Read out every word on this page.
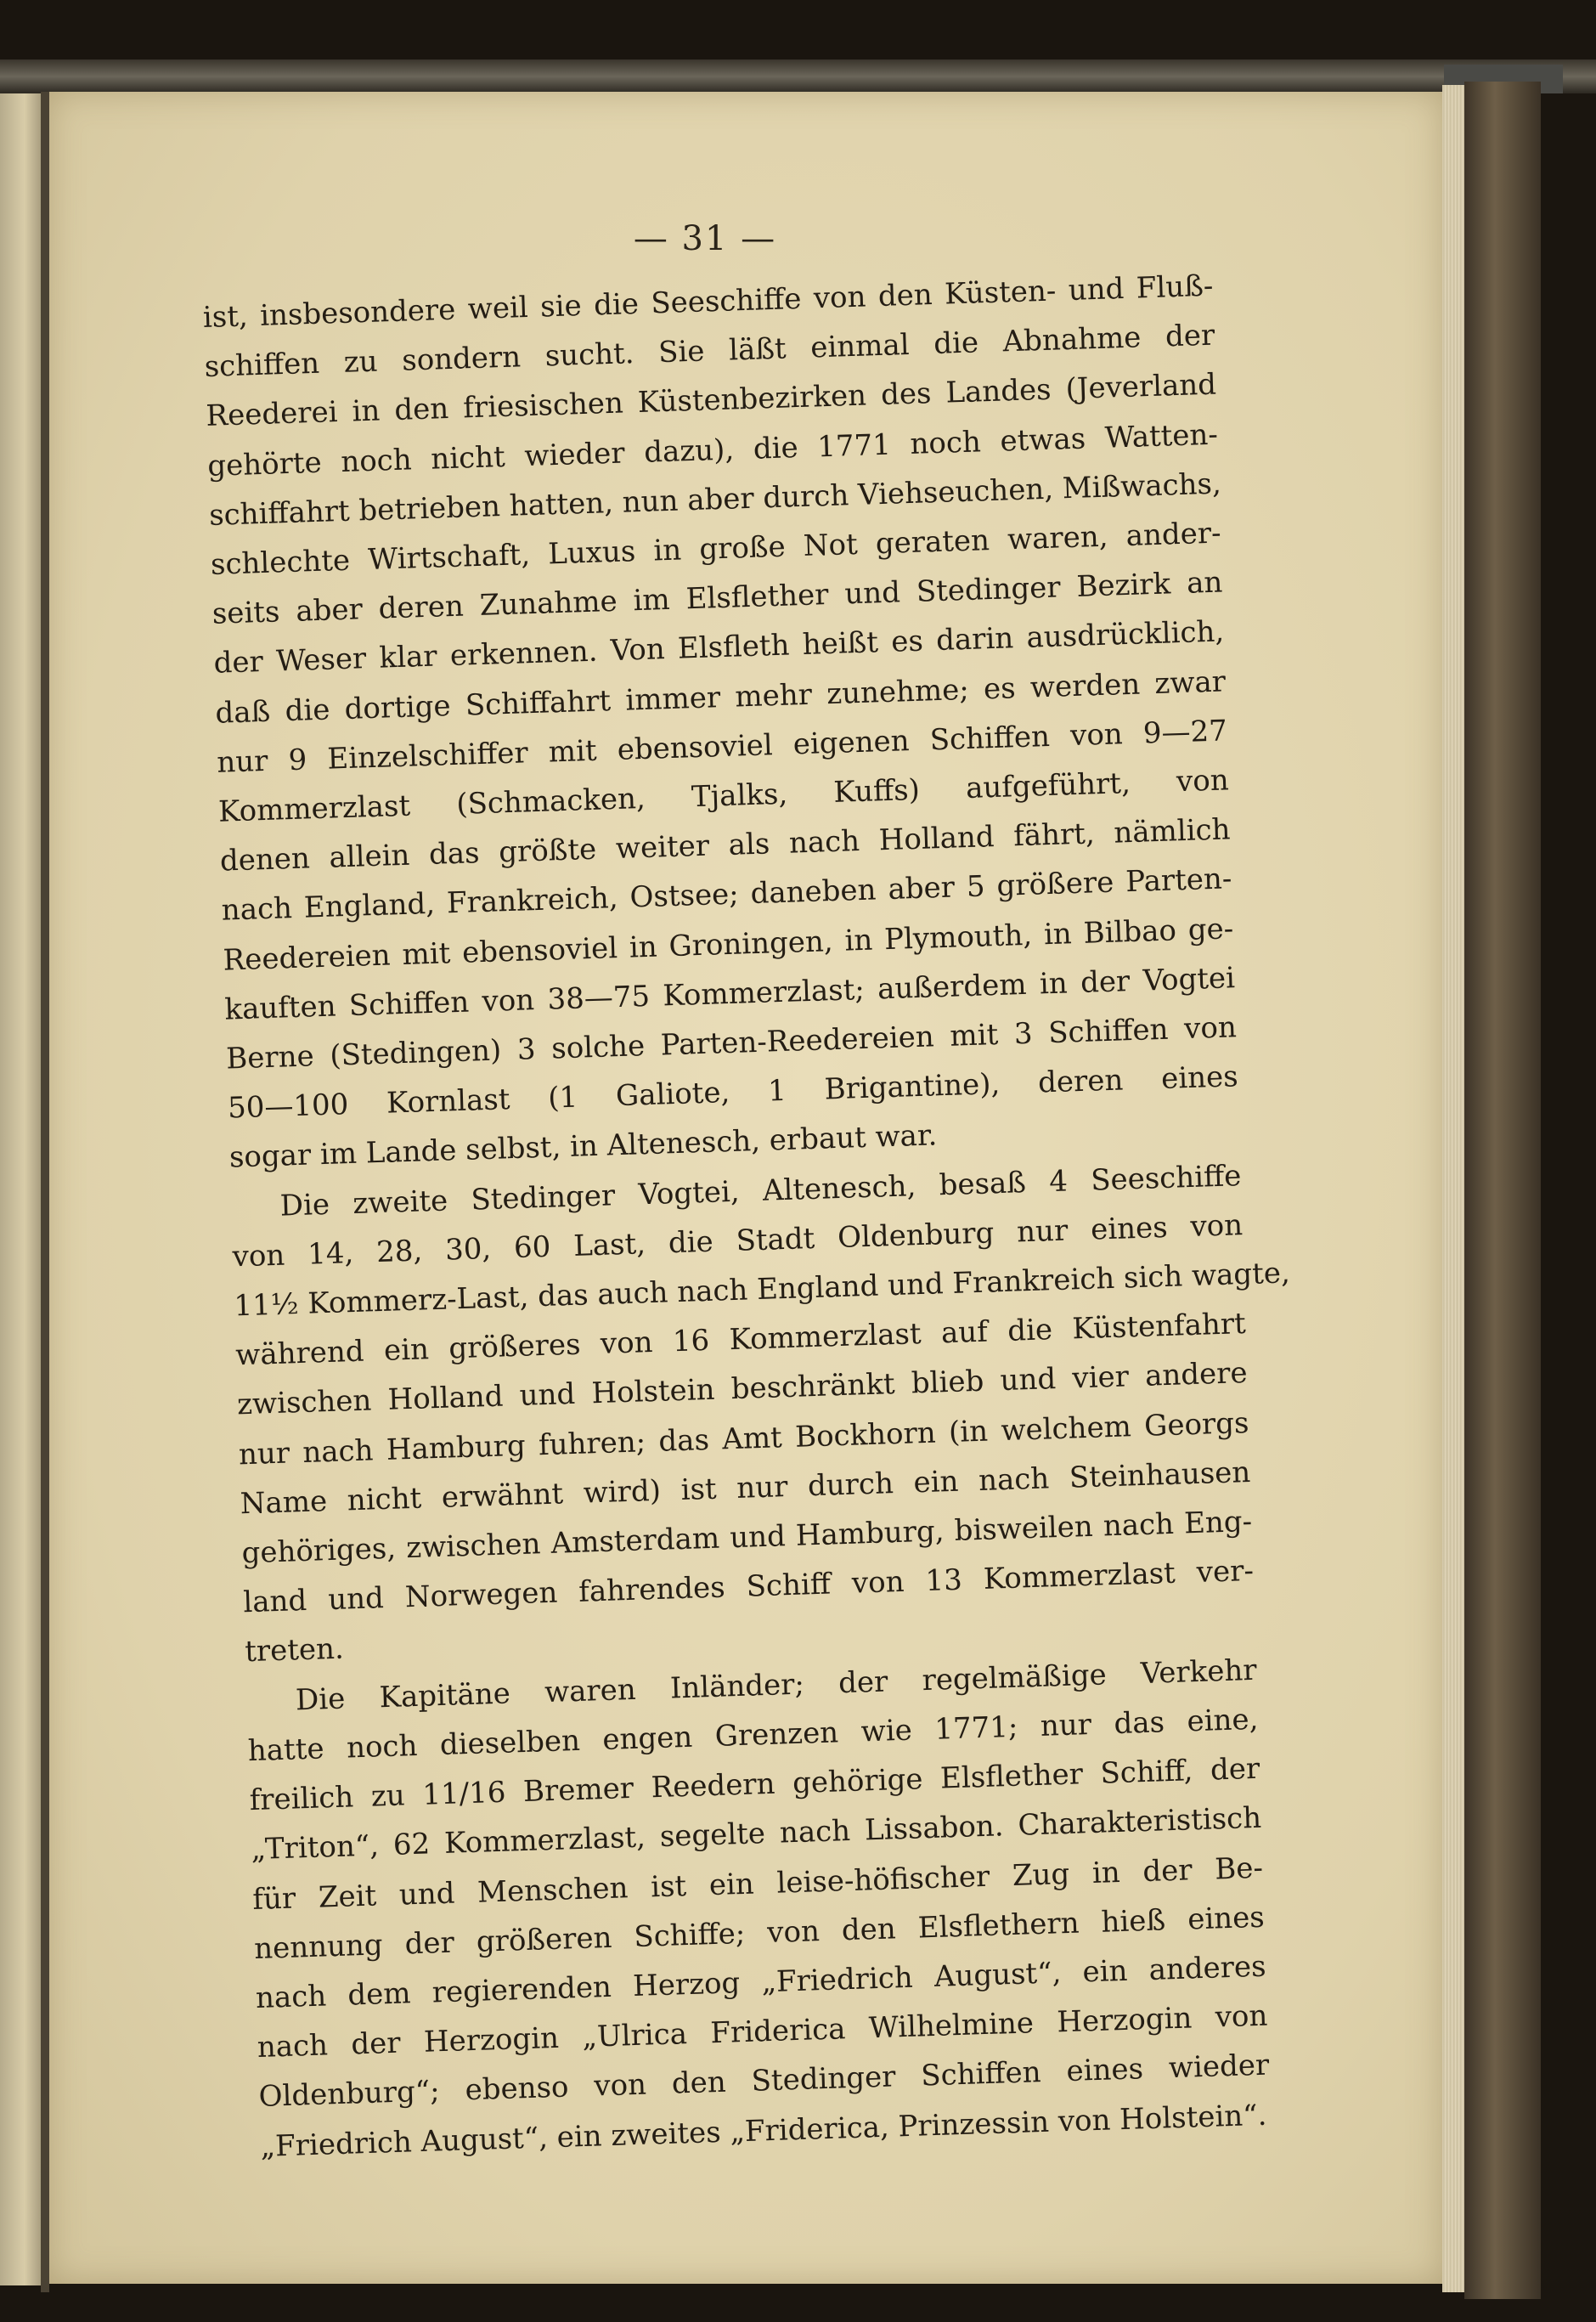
— 31 —
ist, insbesondere weil sie die Seeschiffe von den Küsten- und Fluß-
schiffen zu sondern sucht. Sie läßt einmal die Abnahme der
Reederei in den friesischen Küstenbezirken des Landes (Jeverland
gehörte noch nicht wieder dazu), die 1771 noch etwas Watten-
schiffahrt betrieben hatten, nun aber durch Viehseuchen, Mißwachs,
schlechte Wirtschaft, Luxus in große Not geraten waren, ander-
seits aber deren Zunahme im Elsflether und Stedinger Bezirk an
der Weser klar erkennen. Von Elsfleth heißt es darin ausdrücklich,
daß die dortige Schiffahrt immer mehr zunehme; es werden zwar
nur 9 Einzelschiffer mit ebensoviel eigenen Schiffen von 9—27
Kommerzlast (Schmacken, Tjalks, Kuffs) aufgeführt, von
denen allein das größte weiter als nach Holland fährt, nämlich
nach England, Frankreich, Ostsee; daneben aber 5 größere Parten-
Reedereien mit ebensoviel in Groningen, in Plymouth, in Bilbao ge-
kauften Schiffen von 38—75 Kommerzlast; außerdem in der Vogtei
Berne (Stedingen) 3 solche Parten-Reedereien mit 3 Schiffen von
50—100 Kornlast (1 Galiote, 1 Brigantine), deren eines
sogar im Lande selbst, in Altenesch, erbaut war.
Die zweite Stedinger Vogtei, Altenesch, besaß 4 Seeschiffe
von 14, 28, 30, 60 Last, die Stadt Oldenburg nur eines von
11½ Kommerz-Last, das auch nach England und Frankreich sich wagte,
während ein größeres von 16 Kommerzlast auf die Küstenfahrt
zwischen Holland und Holstein beschränkt blieb und vier andere
nur nach Hamburg fuhren; das Amt Bockhorn (in welchem Georgs
Name nicht erwähnt wird) ist nur durch ein nach Steinhausen
gehöriges, zwischen Amsterdam und Hamburg, bisweilen nach Eng-
land und Norwegen fahrendes Schiff von 13 Kommerzlast ver-
treten.
Die Kapitäne waren Inländer; der regelmäßige Verkehr
hatte noch dieselben engen Grenzen wie 1771; nur das eine,
freilich zu 11/16 Bremer Reedern gehörige Elsflether Schiff, der
„Triton“, 62 Kommerzlast, segelte nach Lissabon. Charakteristisch
für Zeit und Menschen ist ein leise-höfischer Zug in der Be-
nennung der größeren Schiffe; von den Elsflethern hieß eines
nach dem regierenden Herzog „Friedrich August“, ein anderes
nach der Herzogin „Ulrica Friderica Wilhelmine Herzogin von
Oldenburg“; ebenso von den Stedinger Schiffen eines wieder
„Friedrich August“, ein zweites „Friderica, Prinzessin von Holstein“.
